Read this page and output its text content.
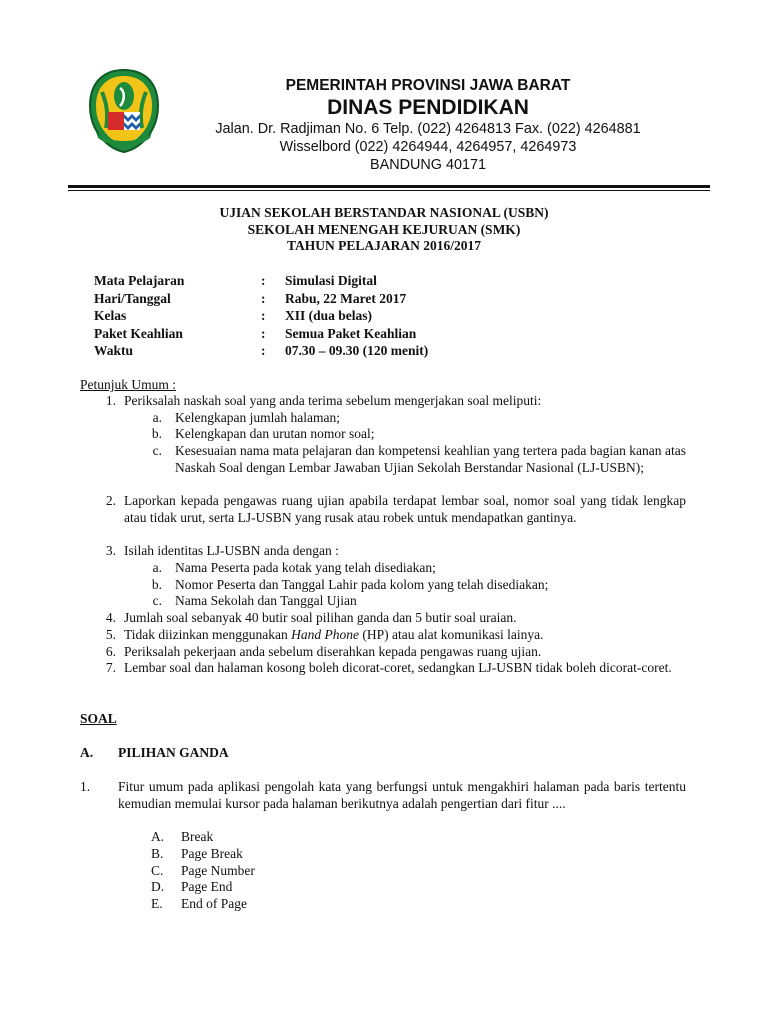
PEMERINTAH PROVINSI JAWA BARAT
DINAS PENDIDIKAN
Jalan. Dr. Radjiman No. 6 Telp. (022) 4264813 Fax. (022) 4264881
Wisselbord (022) 4264944, 4264957, 4264973
BANDUNG 40171
UJIAN SEKOLAH BERSTANDAR NASIONAL (USBN)
SEKOLAH MENENGAH KEJURUAN (SMK)
TAHUN PELAJARAN 2016/2017
Mata Pelajaran	: Simulasi Digital
Hari/Tanggal	: Rabu, 22 Maret 2017
Kelas	: XII (dua belas)
Paket Keahlian	: Semua Paket Keahlian
Waktu	: 07.30 – 09.30 (120 menit)
Petunjuk Umum :
1. Periksalah naskah soal yang anda terima sebelum mengerjakan soal meliputi:
a. Kelengkapan jumlah halaman;
b. Kelengkapan dan urutan nomor soal;
c. Kesesuaian nama mata pelajaran dan kompetensi keahlian yang tertera pada bagian kanan atas Naskah Soal dengan Lembar Jawaban Ujian Sekolah Berstandar Nasional (LJ-USBN);
2. Laporkan kepada pengawas ruang ujian apabila terdapat lembar soal, nomor soal yang tidak lengkap atau tidak urut, serta LJ-USBN yang rusak atau robek untuk mendapatkan gantinya.
3. Isilah identitas LJ-USBN anda dengan :
a. Nama Peserta pada kotak yang telah disediakan;
b. Nomor Peserta dan Tanggal Lahir pada kolom yang telah disediakan;
c. Nama Sekolah dan Tanggal Ujian
4. Jumlah soal sebanyak 40 butir soal pilihan ganda dan 5 butir soal uraian.
5. Tidak diizinkan menggunakan Hand Phone (HP) atau alat komunikasi lainya.
6. Periksalah pekerjaan anda sebelum diserahkan kepada pengawas ruang ujian.
7. Lembar soal dan halaman kosong boleh dicorat-coret, sedangkan LJ-USBN tidak boleh dicorat-coret.
SOAL
A. PILIHAN GANDA
1. Fitur umum pada aplikasi pengolah kata yang berfungsi untuk mengakhiri halaman pada baris tertentu kemudian memulai kursor pada halaman berikutnya adalah pengertian dari fitur ....
A. Break
B. Page Break
C. Page Number
D. Page End
E. End of Page
